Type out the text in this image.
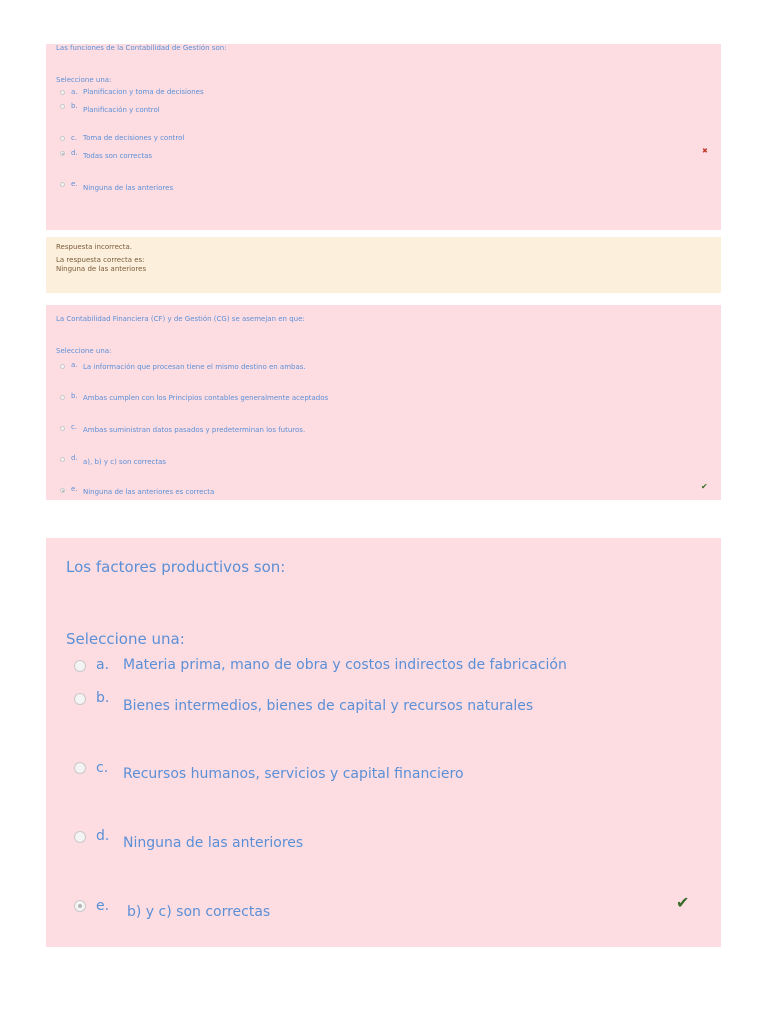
Las funciones de la Contabilidad de Gestión son:
Seleccione una:
a. Planificacion y toma de decisiones
b. Planificación y control
c. Toma de decisiones y control
d. Todas son correctas
✖
e. Ninguna de las anteriores
Respuesta incorrecta.
La respuesta correcta es:
Ninguna de las anteriores
La Contabilidad Financiera (CF) y de Gestión (CG) se asemejan en que:
Seleccione una:
a. La información que procesan tiene el mismo destino en ambas.
b. Ambas cumplen con los Principios contables generalmente aceptados
c. Ambas suministran datos pasados y predeterminan los futuros.
d. a), b) y c) son correctas
e. Ninguna de las anteriores es correcta
✔
Los factores productivos son:
Seleccione una:
a. Materia prima, mano de obra y costos indirectos de fabricación
b. Bienes intermedios, bienes de capital y recursos naturales
c. Recursos humanos, servicios y capital financiero
d. Ninguna de las anteriores
e. b) y c) son correctas	✔
